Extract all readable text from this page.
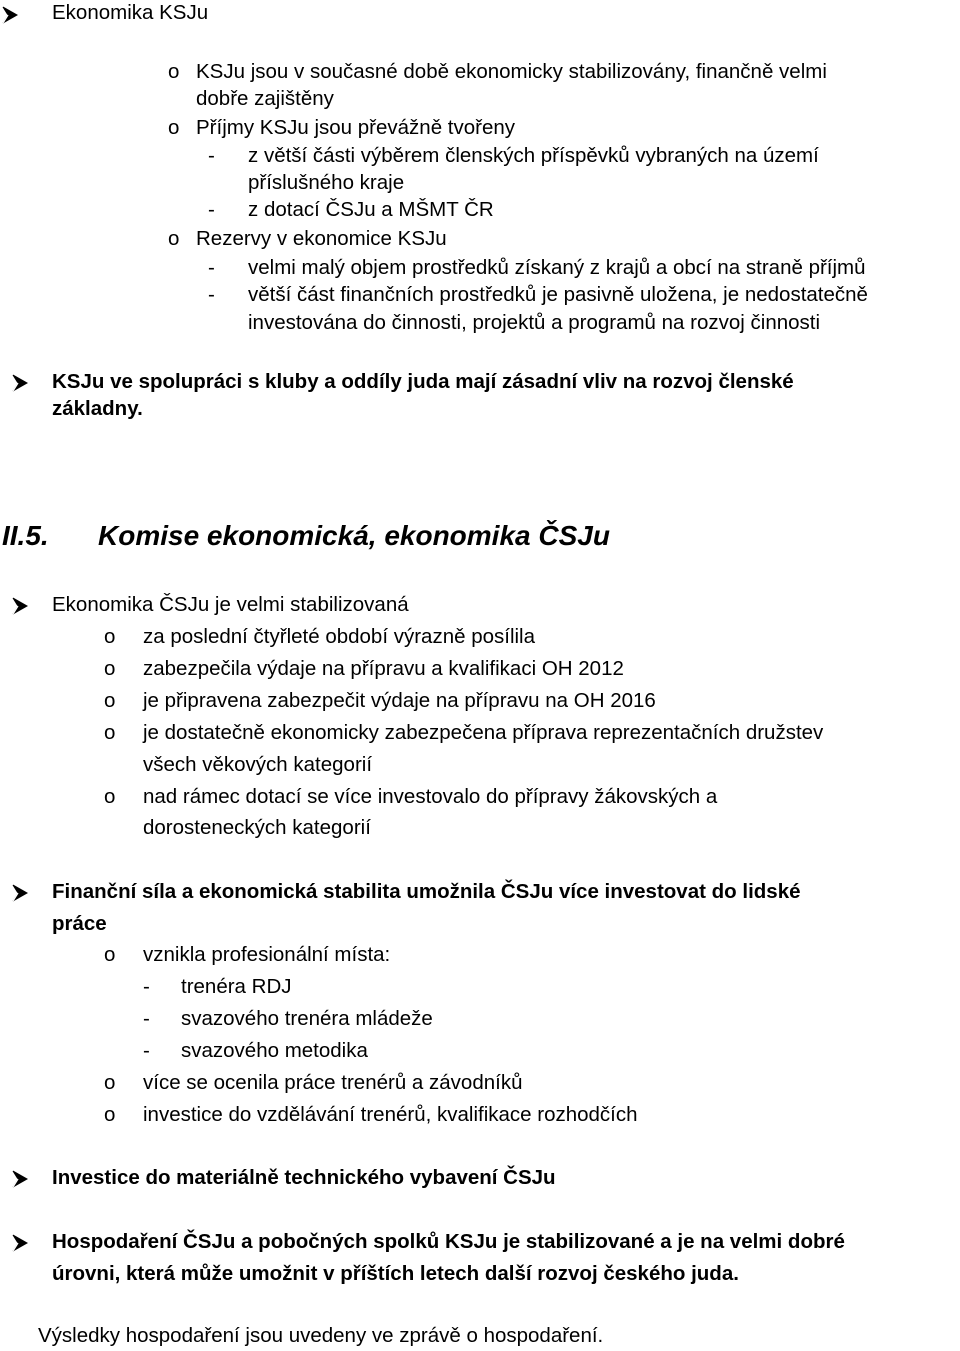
Ekonomika KSJu
o KSJu jsou v současné době ekonomicky stabilizovány, finančně velmi
dobře zajištěny
o Příjmy KSJu jsou převážně tvořeny
- z větší části výběrem členských příspěvků vybraných na území
příslušného kraje
- z dotací ČSJu a MŠMT ČR
o Rezervy v ekonomice KSJu
- velmi malý objem prostředků získaný z krajů a obcí na straně příjmů
- větší část finančních prostředků je pasivně uložena, je nedostatečně
investována do činnosti, projektů a programů na rozvoj činnosti
KSJu ve spolupráci s kluby a oddíly juda mají zásadní vliv na rozvoj členské
základny.
II.5. Komise ekonomická, ekonomika ČSJu
Ekonomika ČSJu je velmi stabilizovaná
o za poslední čtyřleté období výrazně posílila
o zabezpečila výdaje na přípravu a kvalifikaci OH 2012
o je připravena zabezpečit výdaje na přípravu na OH 2016
o je dostatečně ekonomicky zabezpečena příprava reprezentačních družstev
všech věkových kategorií
o nad rámec dotací se více investovalo do přípravy žákovských a
dorosteneckých kategorií
Finanční síla a ekonomická stabilita umožnila ČSJu více investovat do lidské
práce
o vznikla profesionální místa:
- trenéra RDJ
- svazového trenéra mládeže
- svazového metodika
o více se ocenila práce trenérů a závodníků
o investice do vzdělávání trenérů, kvalifikace rozhodčích
Investice do materiálně technického vybavení ČSJu
Hospodaření ČSJu a pobočných spolků KSJu je stabilizované a je na velmi dobré
úrovni, která může umožnit v příštích letech další rozvoj českého juda.
Výsledky hospodaření jsou uvedeny ve zprávě o hospodaření.
